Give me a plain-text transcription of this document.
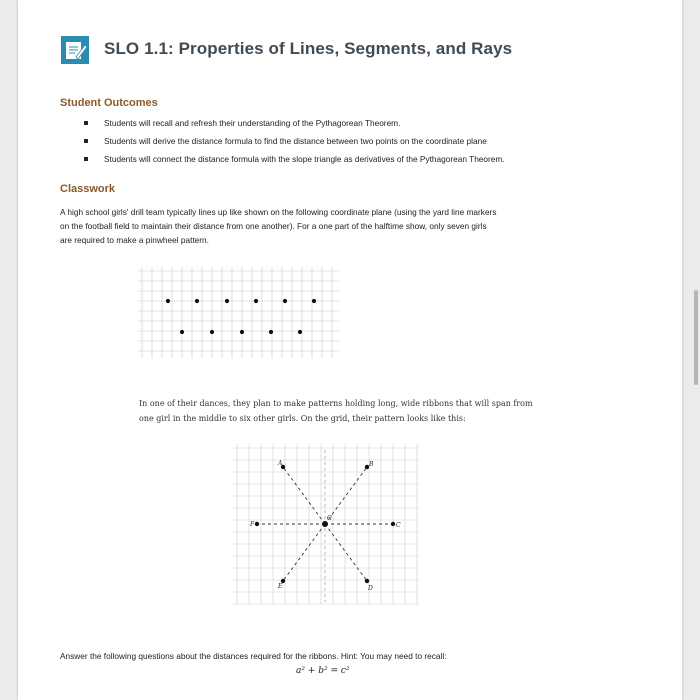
SLO 1.1: Properties of Lines, Segments, and Rays
Student Outcomes
Students will recall and refresh their understanding of the Pythagorean Theorem.
Students will derive the distance formula to find the distance between two points on the coordinate plane
Students will connect the distance formula with the slope triangle as derivatives of the Pythagorean Theorem.
Classwork
A high school girls' drill team typically lines up like shown on the following coordinate plane (using the yard line markers
on the football field to maintain their distance from one another). For a one part of the halftime show, only seven girls
are required to make a pinwheel pattern.
In one of their dances, they plan to make patterns holding long, wide ribbons that will span from
one girl in the middle to six other girls. On the grid, their pattern looks like this:
A	B
C
D
E
F
G
Answer the following questions about the distances required for the ribbons. Hint: You may need to recall:
a² + b² = c²
